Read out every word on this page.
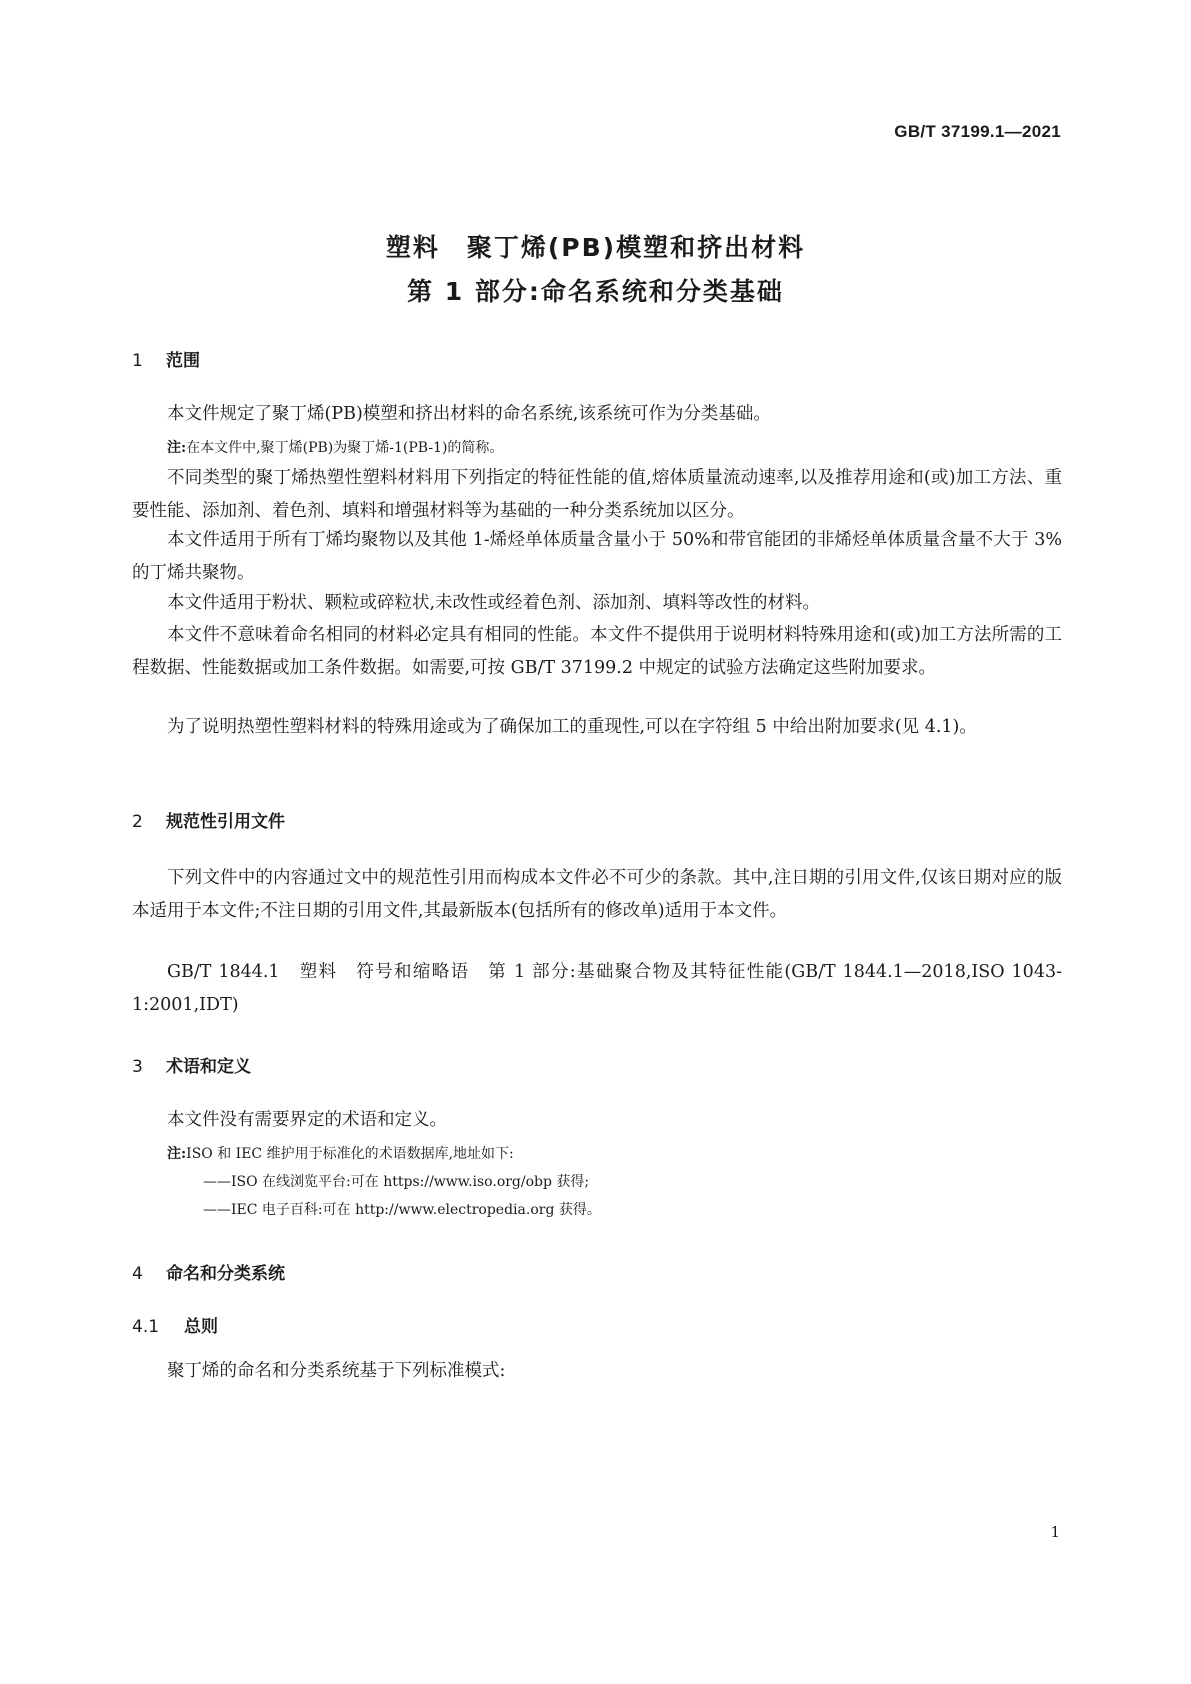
GB/T 37199.1—2021
塑料　聚丁烯(PB)模塑和挤出材料
第 1 部分:命名系统和分类基础
1 范围

本文件规定了聚丁烯(PB)模塑和挤出材料的命名系统,该系统可作为分类基础。

注:在本文件中,聚丁烯(PB)为聚丁烯-1(PB-1)的简称。

不同类型的聚丁烯热塑性塑料材料用下列指定的特征性能的值,熔体质量流动速率,以及推荐用途和(或)加工方法、重要性能、添加剂、着色剂、填料和增强材料等为基础的一种分类系统加以区分。

本文件适用于所有丁烯均聚物以及其他 1-烯烃单体质量含量小于 50%和带官能团的非烯烃单体质量含量不大于 3%的丁烯共聚物。

本文件适用于粉状、颗粒或碎粒状,未改性或经着色剂、添加剂、填料等改性的材料。

本文件不意味着命名相同的材料必定具有相同的性能。本文件不提供用于说明材料特殊用途和(或)加工方法所需的工程数据、性能数据或加工条件数据。如需要,可按 GB/T 37199.2 中规定的试验方法确定这些附加要求。

为了说明热塑性塑料材料的特殊用途或为了确保加工的重现性,可以在字符组 5 中给出附加要求(见 4.1)。

2 规范性引用文件

下列文件中的内容通过文中的规范性引用而构成本文件必不可少的条款。其中,注日期的引用文件,仅该日期对应的版本适用于本文件;不注日期的引用文件,其最新版本(包括所有的修改单)适用于本文件。

GB/T 1844.1　塑料　符号和缩略语　第 1 部分:基础聚合物及其特征性能(GB/T 1844.1—2018,ISO 1043-1:2001,IDT)

3 术语和定义

本文件没有需要界定的术语和定义。

注:ISO 和 IEC 维护用于标准化的术语数据库,地址如下:
——ISO 在线浏览平台:可在 https://www.iso.org/obp 获得;
——IEC 电子百科:可在 http://www.electropedia.org 获得。
4 命名和分类系统
4.1 总则

聚丁烯的命名和分类系统基于下列标准模式:

1
